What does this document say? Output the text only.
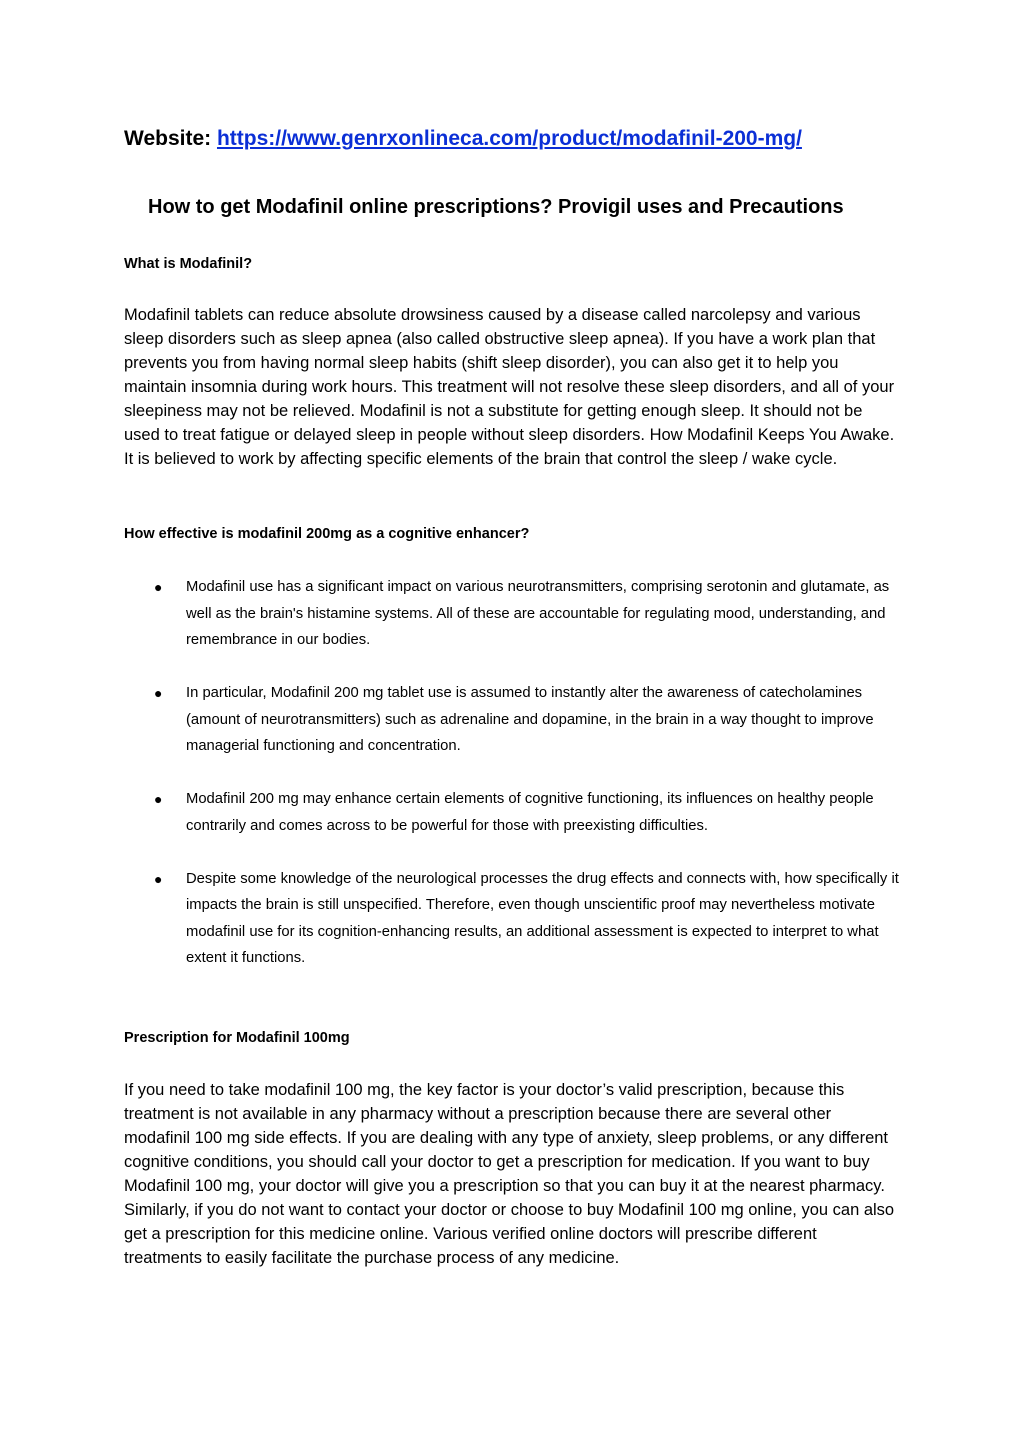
Website: https://www.genrxonlineca.com/product/modafinil-200-mg/
How to get Modafinil online prescriptions? Provigil uses and Precautions
What is Modafinil?
Modafinil tablets can reduce absolute drowsiness caused by a disease called narcolepsy and various sleep disorders such as sleep apnea (also called obstructive sleep apnea). If you have a work plan that prevents you from having normal sleep habits (shift sleep disorder), you can also get it to help you maintain insomnia during work hours. This treatment will not resolve these sleep disorders, and all of your sleepiness may not be relieved. Modafinil is not a substitute for getting enough sleep. It should not be used to treat fatigue or delayed sleep in people without sleep disorders. How Modafinil Keeps You Awake. It is believed to work by affecting specific elements of the brain that control the sleep / wake cycle.
How effective is modafinil 200mg as a cognitive enhancer?
● Modafinil use has a significant impact on various neurotransmitters, comprising serotonin and glutamate, as well as the brain's histamine systems. All of these are accountable for regulating mood, understanding, and remembrance in our bodies.
● In particular, Modafinil 200 mg tablet use is assumed to instantly alter the awareness of catecholamines (amount of neurotransmitters) such as adrenaline and dopamine, in the brain in a way thought to improve managerial functioning and concentration.
● Modafinil 200 mg may enhance certain elements of cognitive functioning, its influences on healthy people contrarily and comes across to be powerful for those with preexisting difficulties.
● Despite some knowledge of the neurological processes the drug effects and connects with, how specifically it impacts the brain is still unspecified. Therefore, even though unscientific proof may nevertheless motivate modafinil use for its cognition-enhancing results, an additional assessment is expected to interpret to what extent it functions.
Prescription for Modafinil 100mg
If you need to take modafinil 100 mg, the key factor is your doctor’s valid prescription, because this treatment is not available in any pharmacy without a prescription because there are several other modafinil 100 mg side effects. If you are dealing with any type of anxiety, sleep problems, or any different cognitive conditions, you should call your doctor to get a prescription for medication. If you want to buy Modafinil 100 mg, your doctor will give you a prescription so that you can buy it at the nearest pharmacy. Similarly, if you do not want to contact your doctor or choose to buy Modafinil 100 mg online, you can also get a prescription for this medicine online. Various verified online doctors will prescribe different treatments to easily facilitate the purchase process of any medicine.
